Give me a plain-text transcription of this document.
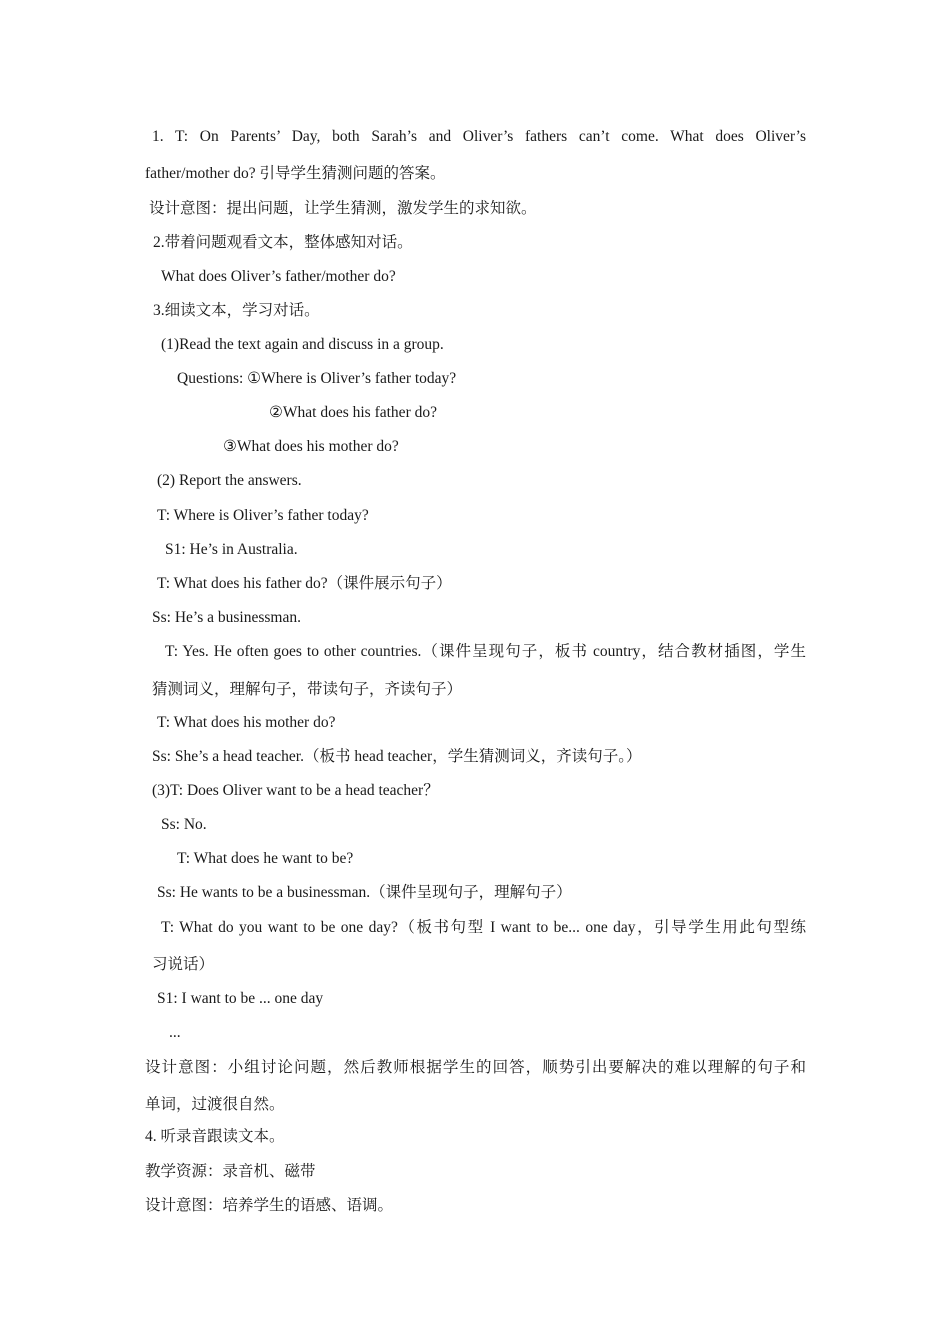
1. T: On Parents’ Day, both Sarah’s and Oliver’s fathers can’t come. What does Oliver’s
father/mother do? 引导学生猜测问题的答案。
设计意图：提出问题，让学生猜测，激发学生的求知欲。
2.带着问题观看文本，整体感知对话。
What does Oliver’s father/mother do?
3.细读文本，学习对话。
(1)Read the text again and discuss in a group.
Questions: ①Where is Oliver’s father today?
②What does his father do?
③What does his mother do?
(2) Report the answers.
T: Where is Oliver’s father today?
S1: He’s in Australia.
T: What does his father do?（课件展示句子）
Ss: He’s a businessman.
T: Yes. He often goes to other countries.（课件呈现句子，板书 country，结合教材插图，学生
猜测词义，理解句子，带读句子，齐读句子）
T: What does his mother do?
Ss: She’s a head teacher.（板书 head teacher，学生猜测词义，齐读句子。）
(3)T: Does Oliver want to be a head teacher？
Ss: No.
T: What does he want to be?
Ss: He wants to be a businessman.（课件呈现句子，理解句子）
T: What do you want to be one day?（板书句型 I want to be... one day，引导学生用此句型练
习说话）
S1: I want to be ... one day
...
设计意图：小组讨论问题，然后教师根据学生的回答，顺势引出要解决的难以理解的句子和
单词，过渡很自然。
4. 听录音跟读文本。
教学资源：录音机、磁带
设计意图：培养学生的语感、语调。
